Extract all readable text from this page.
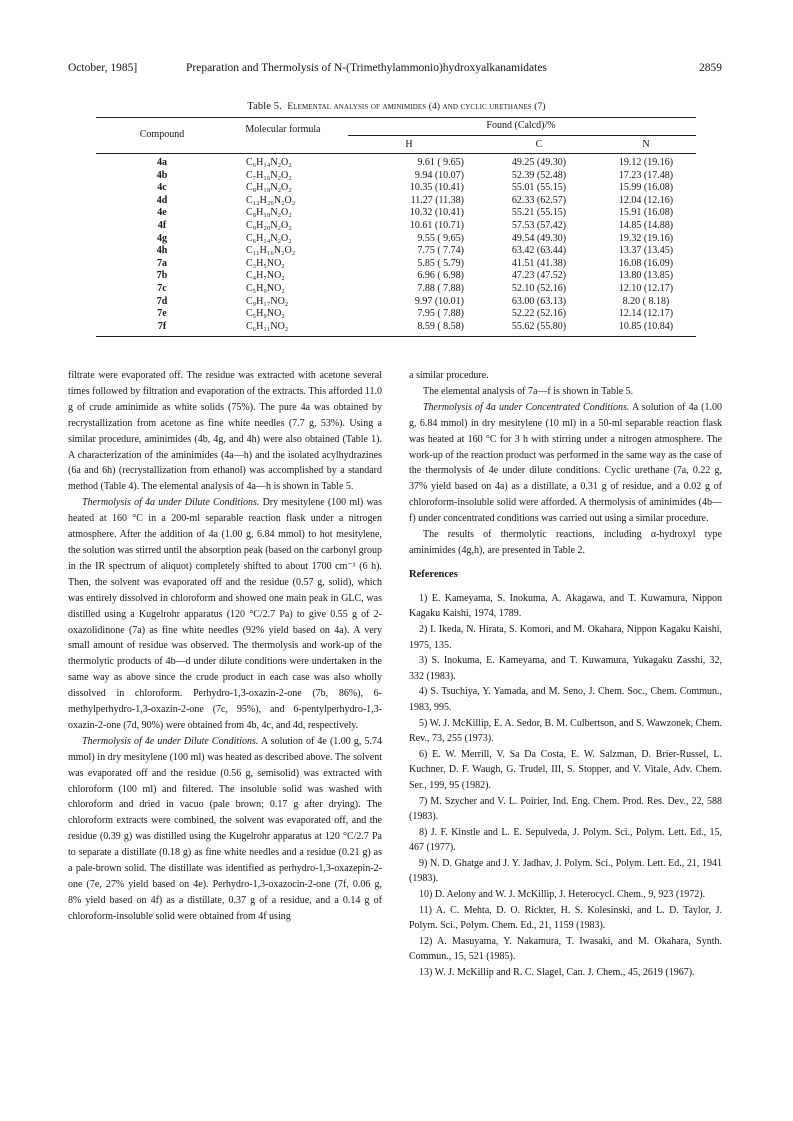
October, 1985]	Preparation and Thermolysis of N-(Trimethylammonio)hydroxyalkanamidates	2859
Table 5. Elemental analysis of aminimides (4) and cyclic urethanes (7)
Compound	Molecular formula	Found (Calcd)/%
H	C	N
4a	C₆H₁₄N₂O₂	9.61 ( 9.65)	49.25 (49.30)	19.12 (19.16)
4b	C₇H₁₆N₂O₂	9.94 (10.07)	52.39 (52.48)	17.23 (17.48)
4c	C₈H₁₈N₂O₂	10.35 (10.41)	55.01 (55.15)	15.99 (16.08)
4d	C₁₂H₂₆N₂O₂	11.27 (11.38)	62.33 (62.57)	12.04 (12.16)
4e	C₈H₁₈N₂O₂	10.32 (10.41)	55.21 (55.15)	15.91 (16.08)
4f	C₉H₂₀N₂O₂	10.61 (10.71)	57.53 (57.42)	14.85 (14.88)
4g	C₆H₁₄N₂O₂	9.55 ( 9.65)	49.54 (49.30)	19.32 (19.16)
4h	C₁₁H₁₆N₂O₂	7.75 ( 7.74)	63.42 (63.44)	13.37 (13.45)
7a	C₃H₅NO₂	5.85 ( 5.79)	41.51 (41.38)	16.08 (16.09)
7b	C₄H₇NO₂	6.96 ( 6.98)	47.23 (47.52)	13.80 (13.85)
7c	C₅H₉NO₂	7.88 ( 7.88)	52.10 (52.16)	12.10 (12.17)
7d	C₉H₁₇NO₂	9.97 (10.01)	63.00 (63.13)	8.20 ( 8.18)
7e	C₅H₉NO₂	7.95 ( 7.88)	52.22 (52.16)	12.14 (12.17)
7f	C₆H₁₁NO₂	8.59 ( 8.58)	55.62 (55.80)	10.85 (10.84)

filtrate were evaporated off. The residue was extracted with acetone several times followed by filtration and evaporation of the extracts. This afforded 11.0 g of crude aminimide as white solids (75%). The pure 4a was obtained by recrystallization from acetone as fine white needles (7.7 g, 53%). Using a similar procedure, aminimides (4b, 4g, and 4h) were also obtained (Table 1). A characterization of the aminimides (4a—h) and the isolated acylhydrazines (6a and 6h) (recrystallization from ethanol) was accomplished by a standard method (Table 4). The elemental analysis of 4a—h is shown in Table 5.

Thermolysis of 4a under Dilute Conditions. Dry mesitylene (100 ml) was heated at 160 °C in a 200-ml separable reaction flask under a nitrogen atmosphere. After the addition of 4a (1.00 g, 6.84 mmol) to hot mesitylene, the solution was stirred until the absorption peak (based on the carbonyl group in the IR spectrum of aliquot) completely shifted to about 1700 cm⁻¹ (6 h). Then, the solvent was evaporated off and the residue (0.57 g, solid), which was entirely dissolved in chloroform and showed one main peak in GLC, was distilled using a Kugelrohr apparatus (120 °C/2.7 Pa) to give 0.55 g of 2-oxazolidinone (7a) as fine white needles (92% yield based on 4a). A very small amount of residue was observed. The thermolysis and work-up of the thermolytic products of 4b—d under dilute conditions were undertaken in the same way as above since the crude product in each case was also wholly dissolved in chloroform. Perhydro-1,3-oxazin-2-one (7b, 86%), 6-methylperhydro-1,3-oxazin-2-one (7c, 95%), and 6-pentylperhydro-1,3-oxazin-2-one (7d, 90%) were obtained from 4b, 4c, and 4d, respectively.

Thermolysis of 4e under Dilute Conditions. A solution of 4e (1.00 g, 5.74 mmol) in dry mesitylene (100 ml) was heated as described above. The solvent was evaporated off and the residue (0.56 g, semisolid) was extracted with chloroform (100 ml) and filtered. The insoluble solid was washed with chloroform and dried in vacuo (pale brown; 0.17 g after drying). The chloroform extracts were combined, the solvent was evaporated off, and the residue (0.39 g) was distilled using the Kugelrohr apparatus at 120 °C/2.7 Pa to separate a distillate (0.18 g) as fine white needles and a residue (0.21 g) as a pale-brown solid. The distillate was identified as perhydro-1,3-oxazepin-2-one (7e, 27% yield based on 4e). Perhydro-1,3-oxazocin-2-one (7f, 0.06 g, 8% yield based on 4f) as a distillate, 0.37 g of a residue, and a 0.14 g of chloroform-insoluble solid were obtained from 4f using

a similar procedure.

The elemental analysis of 7a—f is shown in Table 5.

Thermolysis of 4a under Concentrated Conditions. A solution of 4a (1.00 g, 6.84 mmol) in dry mesitylene (10 ml) in a 50-ml separable reaction flask was heated at 160 °C for 3 h with stirring under a nitrogen atmosphere. The work-up of the reaction product was performed in the same way as the case of the thermolysis of 4e under dilute conditions. Cyclic urethane (7a, 0.22 g, 37% yield based on 4a) as a distillate, a 0.31 g of residue, and a 0.02 g of chloroform-insoluble solid were afforded. A thermolysis of aminimides (4b—f) under concentrated conditions was carried out using a similar procedure.

The results of thermolytic reactions, including α-hydroxyl type aminimides (4g,h), are presented in Table 2.

References

1) E. Kameyama, S. Inokuma, A. Akagawa, and T. Kuwamura, Nippon Kagaku Kaishi, 1974, 1789.

2) I. Ikeda, N. Hirata, S. Komori, and M. Okahara, Nippon Kagaku Kaishi, 1975, 135.

3) S. Inokuma, E. Kameyama, and T. Kuwamura, Yukagaku Zasshi, 32, 332 (1983).

4) S. Tsuchiya, Y. Yamada, and M. Seno, J. Chem. Soc., Chem. Commun., 1983, 995.

5) W. J. McKillip, E. A. Sedor, B. M. Culbertson, and S. Wawzonek, Chem. Rev., 73, 255 (1973).

6) E. W. Merrill, V. Sa Da Costa, E. W. Salzman, D. Brier-Russel, L. Kuchner, D. F. Waugh, G. Trudel, III, S. Stopper, and V. Vitale, Adv. Chem. Ser., 199, 95 (1982).

7) M. Szycher and V. L. Poirier, Ind. Eng. Chem. Prod. Res. Dev., 22, 588 (1983).

8) J. F. Kinstle and L. E. Sepulveda, J. Polym. Sci., Polym. Lett. Ed., 15, 467 (1977).

9) N. D. Ghatge and J. Y. Jadhav, J. Polym. Sci., Polym. Lett. Ed., 21, 1941 (1983).

10) D. Aelony and W. J. McKillip, J. Heterocycl. Chem., 9, 923 (1972).

11) A. C. Mehta, D. O. Rickter, H. S. Kolesinski, and L. D. Taylor, J. Polym. Sci., Polym. Chem. Ed., 21, 1159 (1983).

12) A. Masuyama, Y. Nakamura, T. Iwasaki, and M. Okahara, Synth. Commun., 15, 521 (1985).

13) W. J. McKillip and R. C. Slagel, Can. J. Chem., 45, 2619 (1967).
